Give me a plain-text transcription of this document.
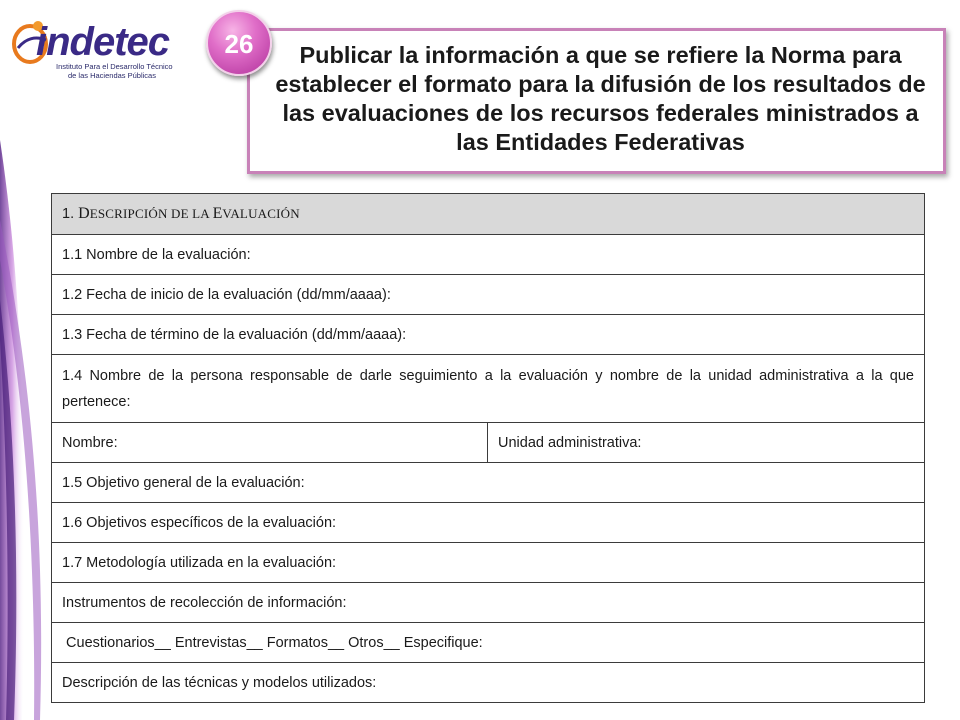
indetec
Instituto Para el Desarrollo Técnico
de las Haciendas Públicas
Publicar la información a que se refiere la Norma para establecer el formato para la difusión de los resultados de las evaluaciones de los recursos federales ministrados a las Entidades Federativas
26
1. DESCRIPCIÓN DE LA EVALUACIÓN
1.1 Nombre de la evaluación:
1.2 Fecha de inicio de la evaluación (dd/mm/aaaa):
1.3 Fecha de término de la evaluación (dd/mm/aaaa):
1.4 Nombre de la persona responsable de darle seguimiento a la evaluación y nombre de la unidad administrativa a la que pertenece:
Nombre:	Unidad administrativa:
1.5 Objetivo general de la evaluación:
1.6 Objetivos específicos de la evaluación:
1.7 Metodología utilizada en la evaluación:
Instrumentos de recolección de información:
Cuestionarios__ Entrevistas__ Formatos__ Otros__ Especifique:
Descripción de las técnicas y modelos utilizados:
